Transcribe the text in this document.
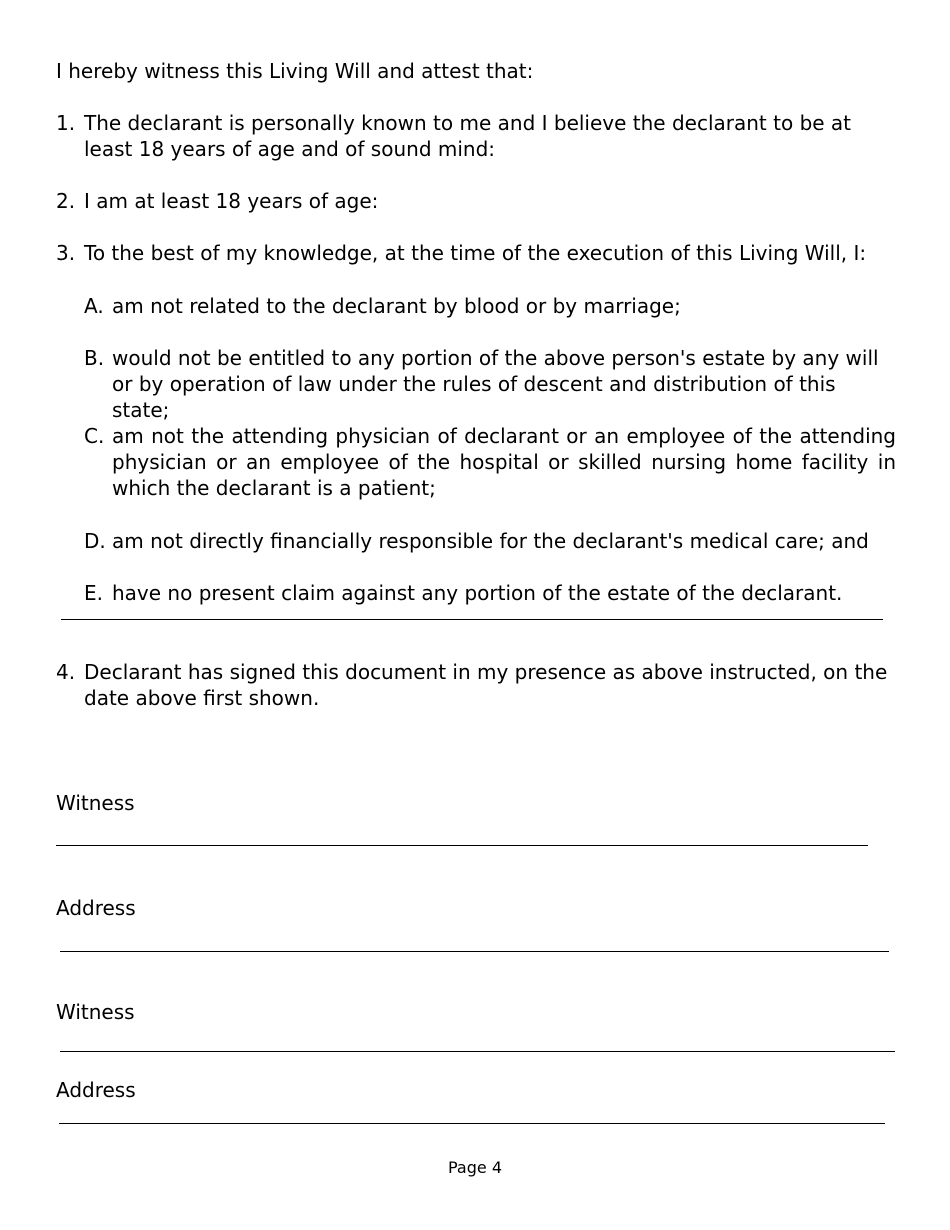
I hereby witness this Living Will and attest that:

1. The declarant is personally known to me and I believe the declarant to be at least 18 years of age and of sound mind:
2. I am at least 18 years of age:
3. To the best of my knowledge, at the time of the execution of this Living Will, I:
A. am not related to the declarant by blood or by marriage;
B. would not be entitled to any portion of the above person's estate by any will or by operation of law under the rules of descent and distribution of this state;
C. am not the attending physician of declarant or an employee of the attending physician or an employee of the hospital or skilled nursing home facility in which the declarant is a patient;
D. am not directly financially responsible for the declarant's medical care; and
E. have no present claim against any portion of the estate of the declarant.
4. Declarant has signed this document in my presence as above instructed, on the date above first shown.
Witness
Address
Witness
Address
Page 4
